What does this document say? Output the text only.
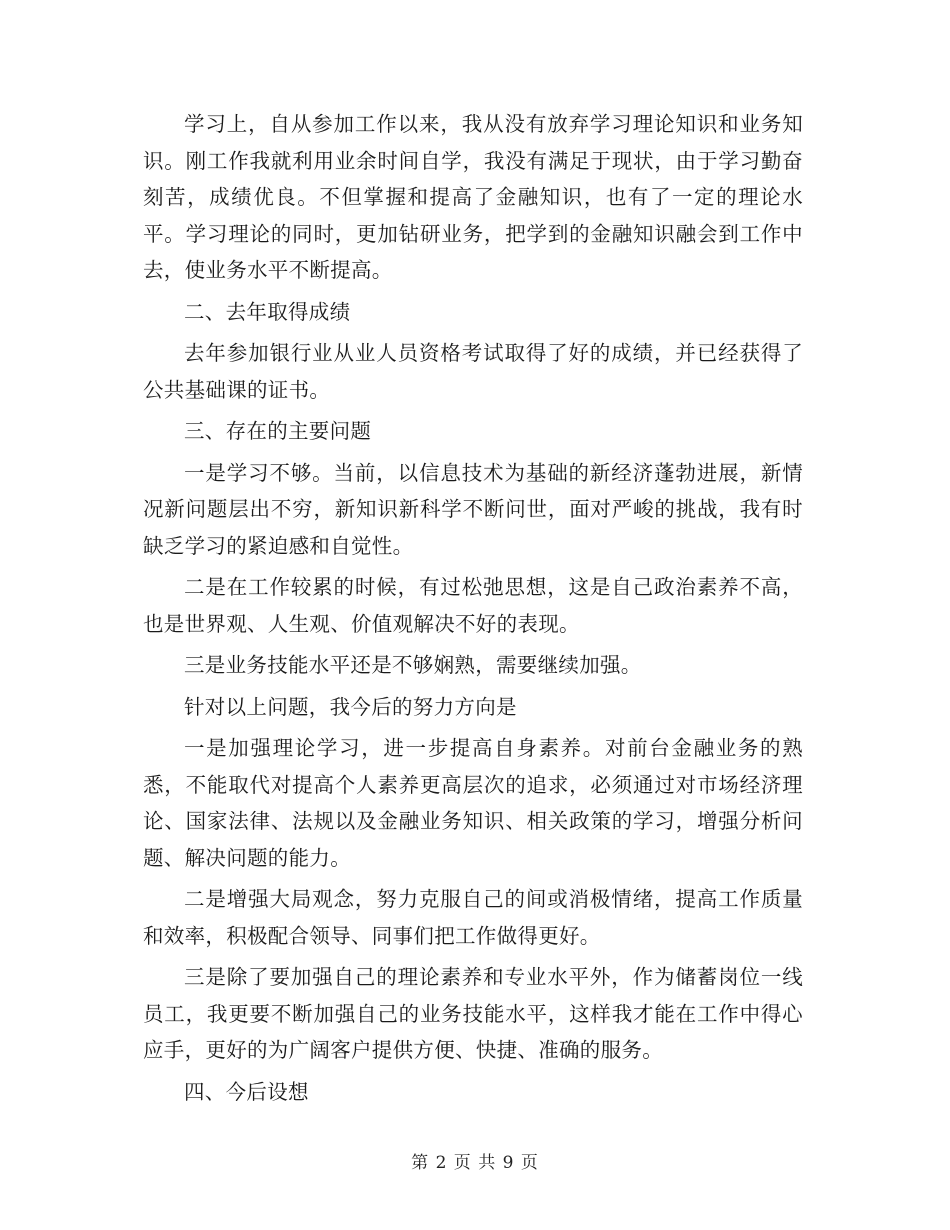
学习上，自从参加工作以来，我从没有放弃学习理论知识和业务知识。刚工作我就利用业余时间自学，我没有满足于现状，由于学习勤奋刻苦，成绩优良。不但掌握和提高了金融知识，也有了一定的理论水平。学习理论的同时，更加钻研业务，把学到的金融知识融会到工作中去，使业务水平不断提高。

二、去年取得成绩

去年参加银行业从业人员资格考试取得了好的成绩，并已经获得了公共基础课的证书。

三、存在的主要问题

一是学习不够。当前，以信息技术为基础的新经济蓬勃进展，新情况新问题层出不穷，新知识新科学不断问世，面对严峻的挑战，我有时缺乏学习的紧迫感和自觉性。

二是在工作较累的时候，有过松弛思想，这是自己政治素养不高，也是世界观、人生观、价值观解决不好的表现。

三是业务技能水平还是不够娴熟，需要继续加强。

针对以上问题，我今后的努力方向是

一是加强理论学习，进一步提高自身素养。对前台金融业务的熟悉，不能取代对提高个人素养更高层次的追求，必须通过对市场经济理论、国家法律、法规以及金融业务知识、相关政策的学习，增强分析问题、解决问题的能力。

二是增强大局观念，努力克服自己的间或消极情绪，提高工作质量和效率，积极配合领导、同事们把工作做得更好。

三是除了要加强自己的理论素养和专业水平外，作为储蓄岗位一线员工，我更要不断加强自己的业务技能水平，这样我才能在工作中得心应手，更好的为广阔客户提供方便、快捷、准确的服务。

四、今后设想

第 2 页 共 9 页
